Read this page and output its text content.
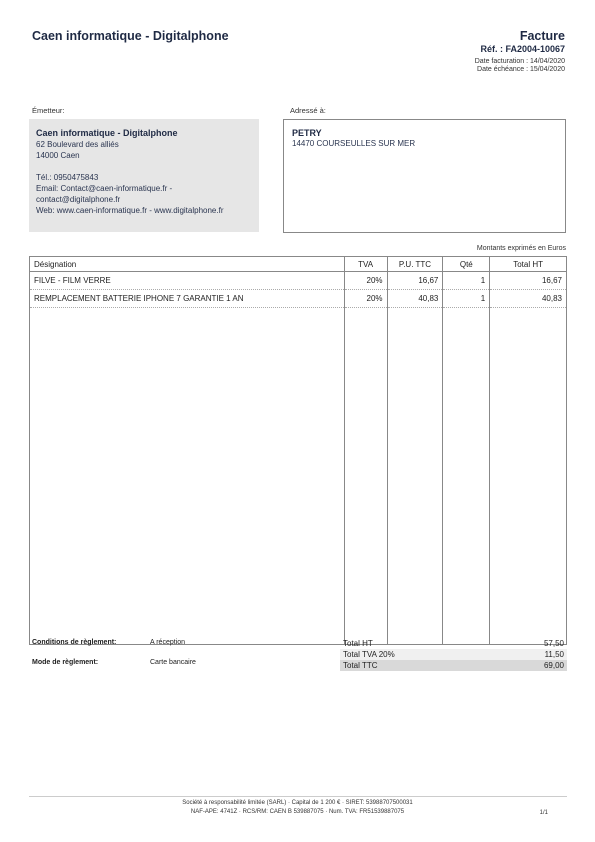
Caen informatique - Digitalphone	Facture
Réf. : FA2004-10067
Date facturation : 14/04/2020
Date échéance : 15/04/2020
Émetteur:
Caen informatique - Digitalphone
62 Boulevard des alliés
14000 Caen
Tél.: 0950475843
Email: Contact@caen-informatique.fr -
contact@digitalphone.fr
Web: www.caen-informatique.fr - www.digitalphone.fr
Adressé à:
PETRY
14470 COURSEULLES SUR MER
Montants exprimés en Euros
Désignation	TVA	P.U. TTC	Qté	Total HT
FILVE - FILM VERRE	20%	16,67	1	16,67
REMPLACEMENT BATTERIE IPHONE 7 GARANTIE 1 AN	20%	40,83	1	40,83

Conditions de règlement:	A réception
Mode de règlement:	Carte bancaire
Total HT	57,50
Total TVA 20%	11,50
Total TTC	69,00
Société à responsabilité limitée (SARL) · Capital de 1 200 € · SIRET: 53988707500031
NAF-APE: 4741Z · RCS/RM: CAEN B 539887075 · Num. TVA: FR51539887075	1/1
